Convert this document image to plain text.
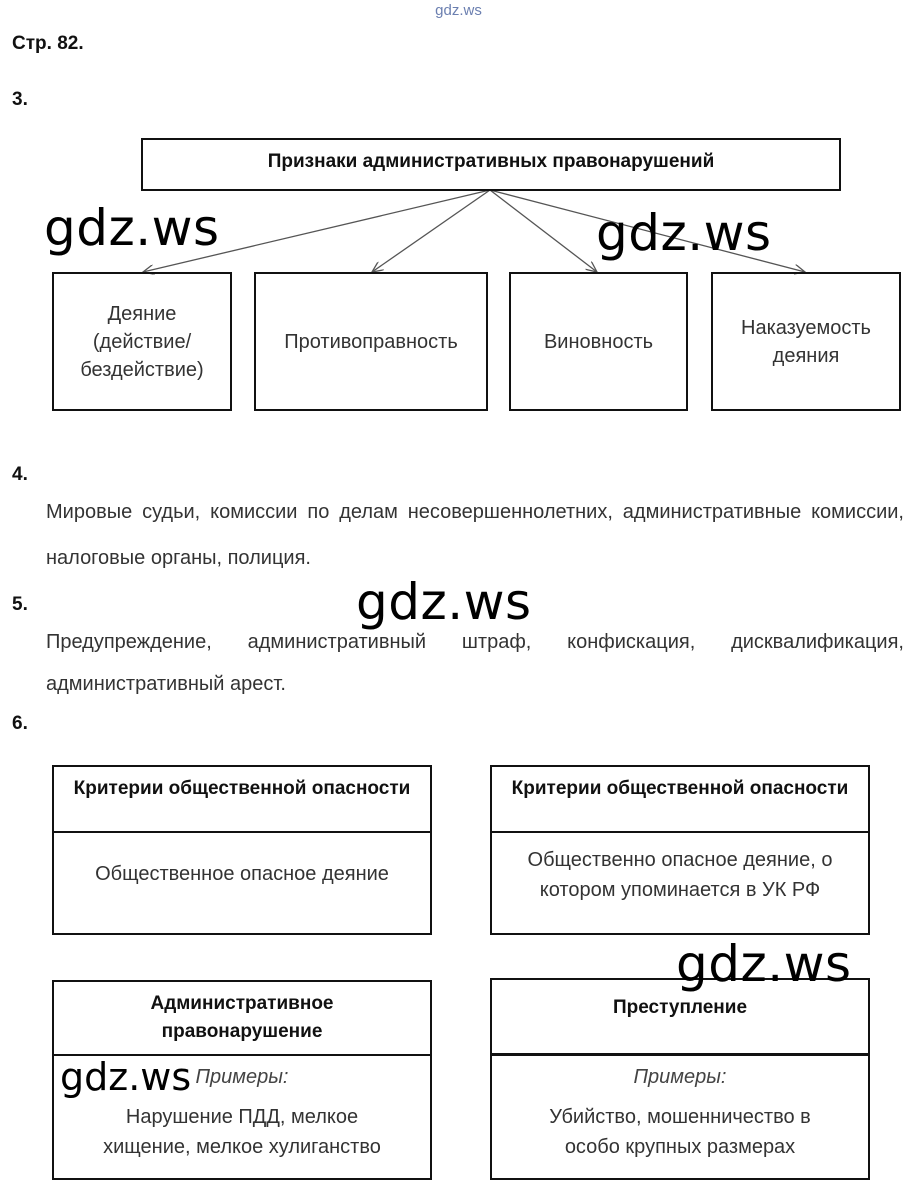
gdz.ws
Стр. 82.
3.
Признаки административных правонарушений
Деяние (действие/ бездействие)
Противоправность	Виновность
Наказуемость деяния
4.
Мировые судьи, комиссии по делам несовершеннолетних, административные комиссии, налоговые органы, полиция.
5.
Предупреждение, административный штраф, конфискация, дисквалификация, административный арест.
6.
Критерии общественной опасности
Общественное опасное деяние
Критерии общественной опасности
Общественно опасное деяние, о котором упоминается в УК РФ
Административное правонарушение
Примеры:
Нарушение ПДД, мелкое хищение, мелкое хулиганство
Преступление
Примеры:
Убийство, мошенничество в особо крупных размерах
gdz.ws	gdz.ws
gdz.ws
gdz.ws
gdz.ws
